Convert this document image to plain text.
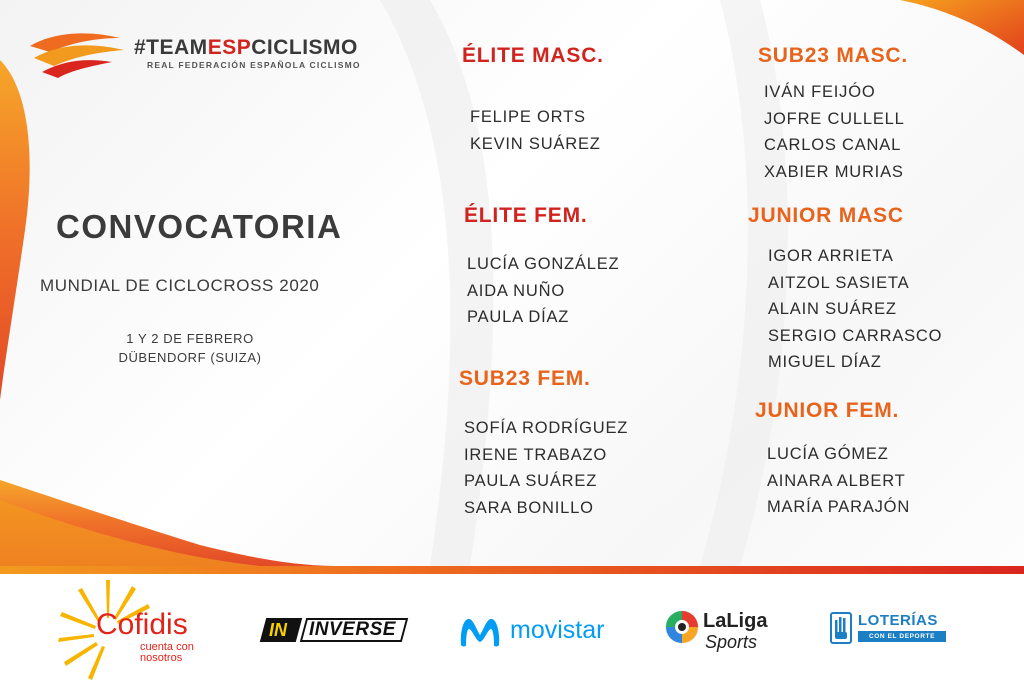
#TEAMESPCICLISMO
REAL FEDERACIÓN ESPAÑOLA CICLISMO
CONVOCATORIA
MUNDIAL DE CICLOCROSS 2020
1 Y 2 DE FEBRERO
DÜBENDORF (SUIZA)
ÉLITE MASC.
FELIPE ORTS
KEVIN SUÁREZ
ÉLITE FEM.
LUCÍA GONZÁLEZ
AIDA NUÑO
PAULA DÍAZ
SUB23 FEM.
SOFÍA RODRÍGUEZ
IRENE TRABAZO
PAULA SUÁREZ
SARA BONILLO
SUB23 MASC.
IVÁN FEIJÓO
JOFRE CULLELL
CARLOS CANAL
XABIER MURIAS
JUNIOR MASC
IGOR ARRIETA
AITZOL SASIETA
ALAIN SUÁREZ
SERGIO CARRASCO
MIGUEL DÍAZ
JUNIOR FEM.
LUCÍA GÓMEZ
AINARA ALBERT
MARÍA PARAJÓN
Cofidis
cuenta con
nosotros
IN INVERSE	movistar	LaLiga
Sports
LOTERÍAS
CON EL DEPORTE
